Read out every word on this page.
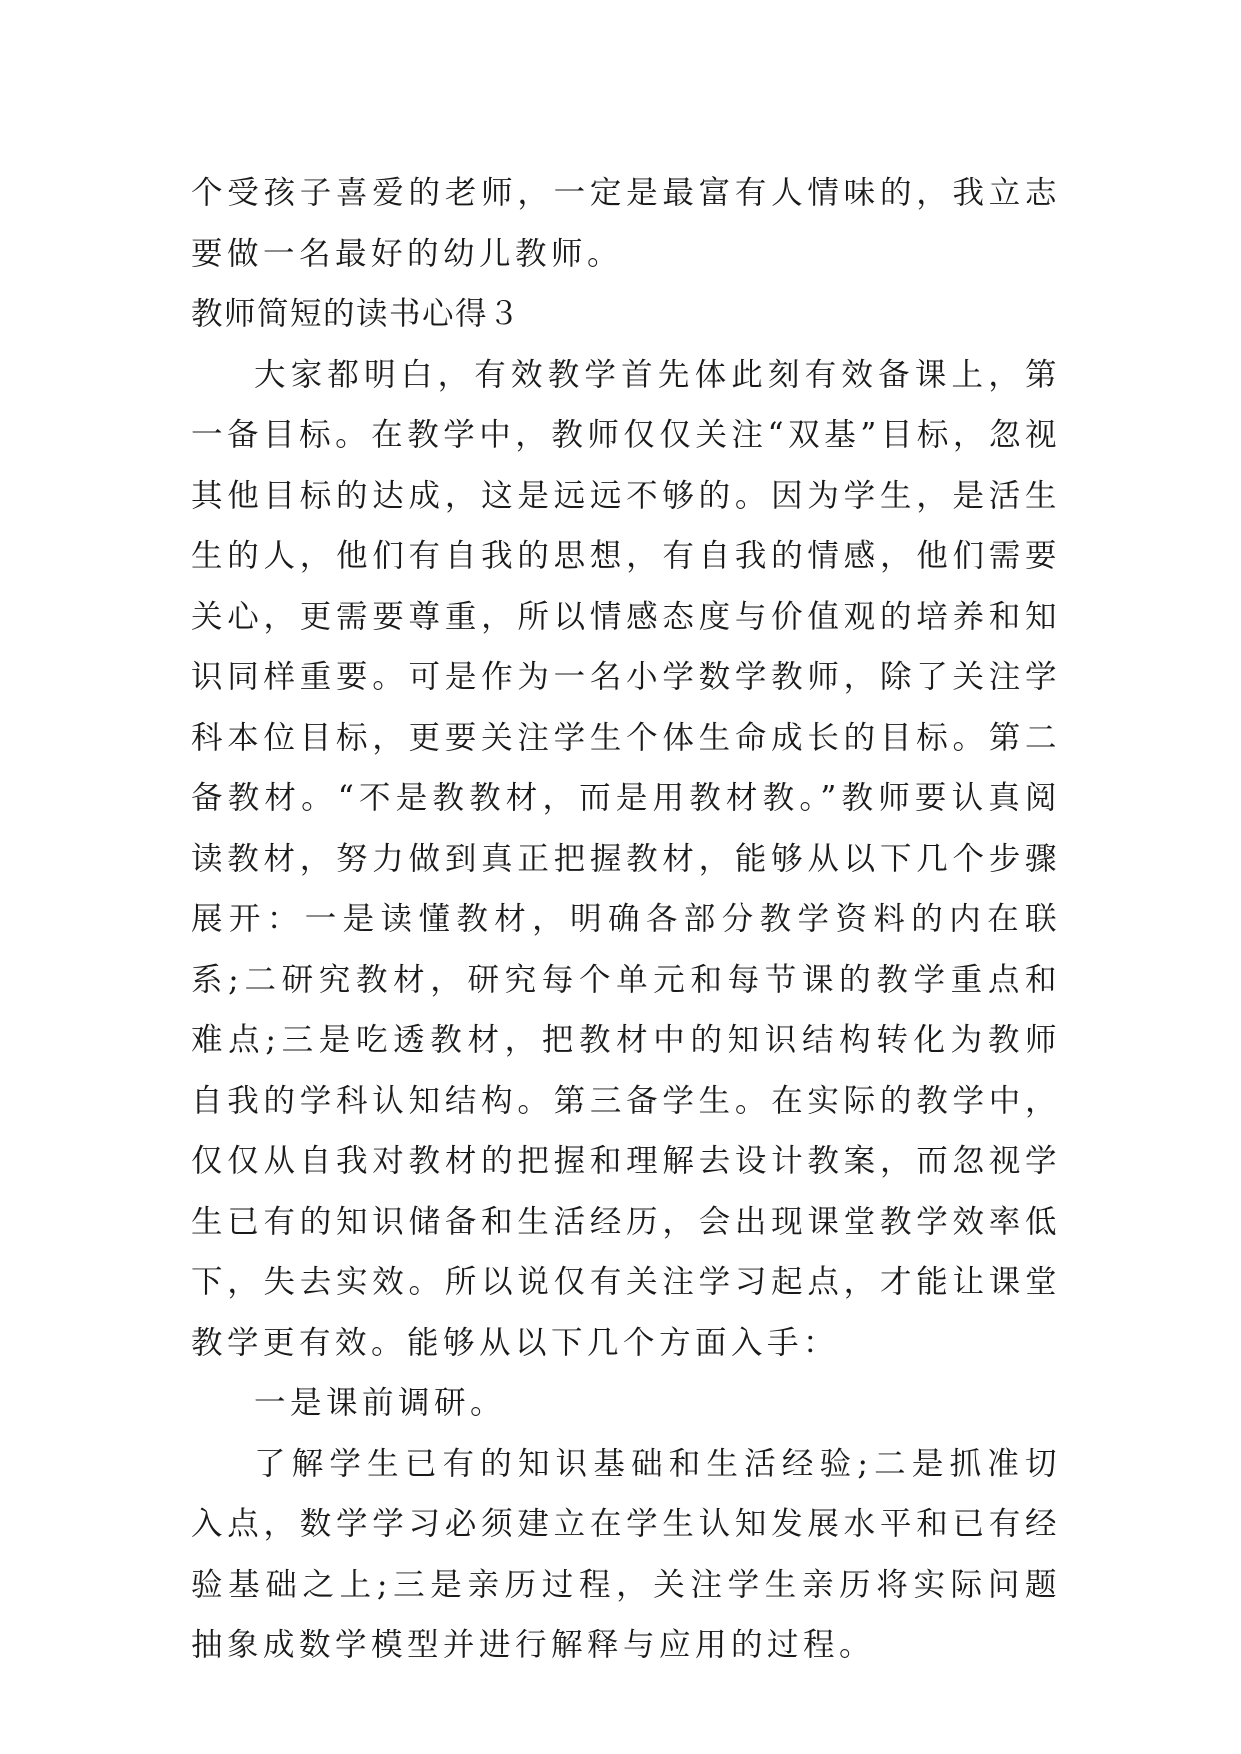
个受孩子喜爱的老师，一定是最富有人情味的，我立志要做一名最好的幼儿教师。

教师简短的读书心得３

大家都明白，有效教学首先体此刻有效备课上，第一备目标。在教学中，教师仅仅关注“双基”目标，忽视其他目标的达成，这是远远不够的。因为学生，是活生生的人，他们有自我的思想，有自我的情感，他们需要关心，更需要尊重，所以情感态度与价值观的培养和知识同样重要。可是作为一名小学数学教师，除了关注学科本位目标，更要关注学生个体生命成长的目标。第二备教材。“不是教教材，而是用教材教。”教师要认真阅读教材，努力做到真正把握教材，能够从以下几个步骤展开：一是读懂教材，明确各部分教学资料的内在联系;二研究教材，研究每个单元和每节课的教学重点和难点;三是吃透教材，把教材中的知识结构转化为教师自我的学科认知结构。第三备学生。在实际的教学中，仅仅从自我对教材的把握和理解去设计教案，而忽视学生已有的知识储备和生活经历，会出现课堂教学效率低下，失去实效。所以说仅有关注学习起点，才能让课堂教学更有效。能够从以下几个方面入手：

一是课前调研。

了解学生已有的知识基础和生活经验;二是抓准切入点，数学学习必须建立在学生认知发展水平和已有经验基础之上;三是亲历过程，关注学生亲历将实际问题抽象成数学模型并进行解释与应用的过程。
